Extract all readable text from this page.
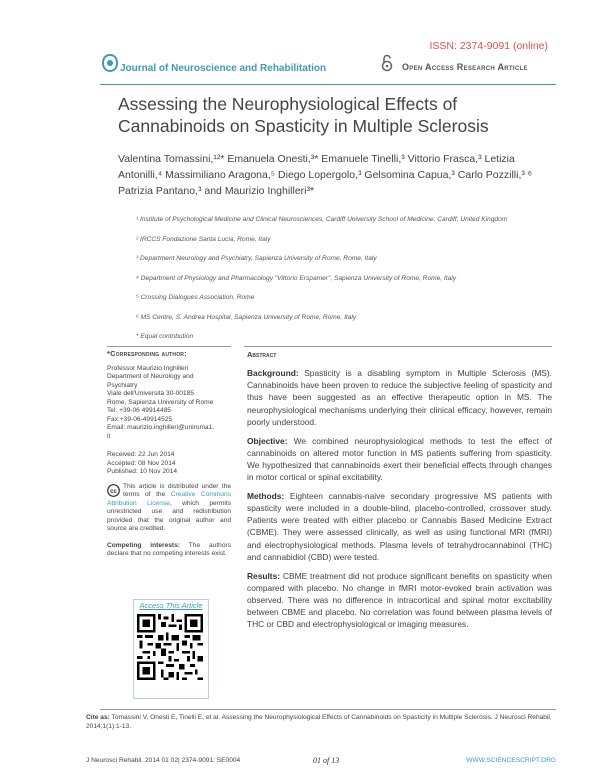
ISSN: 2374-9091 (online)
Journal of Neuroscience and Rehabilitation	Open Access Research Article
Assessing the Neurophysiological Effects of Cannabinoids on Spasticity in Multiple Sclerosis
Valentina Tomassini,¹²* Emanuela Onesti,³* Emanuele Tinelli,³ Vittorio Frasca,³ Letizia Antonilli,⁴ Massimiliano Aragona,⁵ Diego Lopergolo,³ Gelsomina Capua,³ Carlo Pozzilli,³ ⁶ Patrizia Pantano,³ and Maurizio Inghilleri³*
¹ Institute of Psychological Medicine and Clinical Neurosciences, Cardiff University School of Medicine, Cardiff, United Kingdom
² IRCCS Fondazione Santa Lucia, Rome, Italy
³ Department Neurology and Psychiatry, Sapienza University of Rome, Rome, Italy
⁴ Department of Physiology and Pharmacology "Vittorio Erspamer", Sapienza University of Rome, Rome, Italy
⁵ Crossing Dialogues Association, Rome
⁶ MS Centre, S. Andrea Hospital, Sapienza University of Rome, Rome, Italy
* Equal contribution
*Corresponding author:
Professor Maurizio Inghilleri
Department of Neurology and
Psychiatry
Viale dell'Università 30-00185
Rome, Sapienza University of Rome
Tel: +39-06 49914485
Fax:+39-06-49914525
Email: maurizio.inghilleri@uniroma1.
it
Received: 22 Jun 2014
Accepted: 08 Nov 2014
Published: 10 Nov 2014
cc
This article is distributed under the terms of the Creative Commons Attribution License, which permits unrestricted use and redistribution provided that the original author and source are credited.
Competing interests: The authors declare that no competing interests exist.
Access This Article
Abstract

Background: Spasticity is a disabling symptom in Multiple Sclerosis (MS). Cannabinoids have been proven to reduce the subjective feeling of spasticity and thus have been suggested as an effective therapeutic option in MS. The neurophysiological mechanisms underlying their clinical efficacy, however, remain poorly understood.

Objective: We combined neurophysiological methods to test the effect of cannabinoids on altered motor function in MS patients suffering from spasticity. We hypothesized that cannabinoids exert their beneficial effects through changes in motor cortical or spinal excitability.

Methods: Eighteen cannabis-naive secondary progressive MS patients with spasticity were included in a double-blind, placebo-controlled, crossover study. Patients were treated with either placebo or Cannabis Based Medicine Extract (CBME). They were assessed clinically, as well as using functional MRI (fMRI) and electrophysiological methods. Plasma levels of tetrahydrocannabinol (THC) and cannabidiol (CBD) were tested.

Results: CBME treatment did not produce significant benefits on spasticity when compared with placebo. No change in fMRI motor-evoked brain activation was observed. There was no difference in intracortical and spinal motor excitability between CBME and placebo. No correlation was found between plasma levels of THC or CBD and electrophysiological or imaging measures.

Cite as: Tomassini V, Onesti E, Tinelli E, et al. Assessing the Neurophysiological Effects of Cannabinoids on Spasticity in Multiple Sclerosis. J Neurosci Rehabil. 2014;1(1):1-13.
J Neurosci Rehabil. 2014 01 02| 2374-9091: SE0004	01 of 13	WWW.SCIENCESCRIPT.ORG
